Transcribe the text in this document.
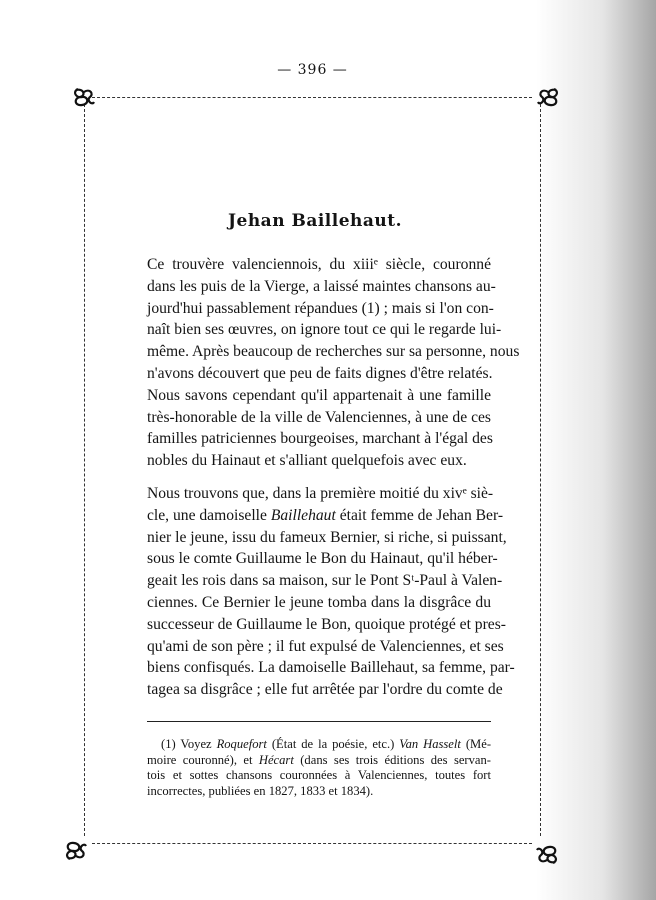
— 396 —
Jehan Baillehaut.
Ce trouvère valenciennois, du xiiiᵉ siècle, couronné
dans les puis de la Vierge, a laissé maintes chansons au-
jourd'hui passablement répandues (1) ; mais si l'on con-
naît bien ses œuvres, on ignore tout ce qui le regarde lui-
même. Après beaucoup de recherches sur sa personne, nous
n'avons découvert que peu de faits dignes d'être relatés.
Nous savons cependant qu'il appartenait à une famille
très-honorable de la ville de Valenciennes, à une de ces
familles patriciennes bourgeoises, marchant à l'égal des
nobles du Hainaut et s'alliant quelquefois avec eux.
Nous trouvons que, dans la première moitié du xivᵉ siè-
cle, une damoiselle Baillehaut était femme de Jehan Ber-
nier le jeune, issu du fameux Bernier, si riche, si puissant,
sous le comte Guillaume le Bon du Hainaut, qu'il héber-
geait les rois dans sa maison, sur le Pont Sᵗ-Paul à Valen-
ciennes. Ce Bernier le jeune tomba dans la disgrâce du
successeur de Guillaume le Bon, quoique protégé et pres-
qu'ami de son père ; il fut expulsé de Valenciennes, et ses
biens confisqués. La damoiselle Baillehaut, sa femme, par-
tagea sa disgrâce ; elle fut arrêtée par l'ordre du comte de
(1) Voyez Roquefort (État de la poésie, etc.) Van Hasselt (Mé-
moire couronné), et Hécart (dans ses trois éditions des servan-
tois et sottes chansons couronnées à Valenciennes, toutes fort
incorrectes, publiées en 1827, 1833 et 1834).
